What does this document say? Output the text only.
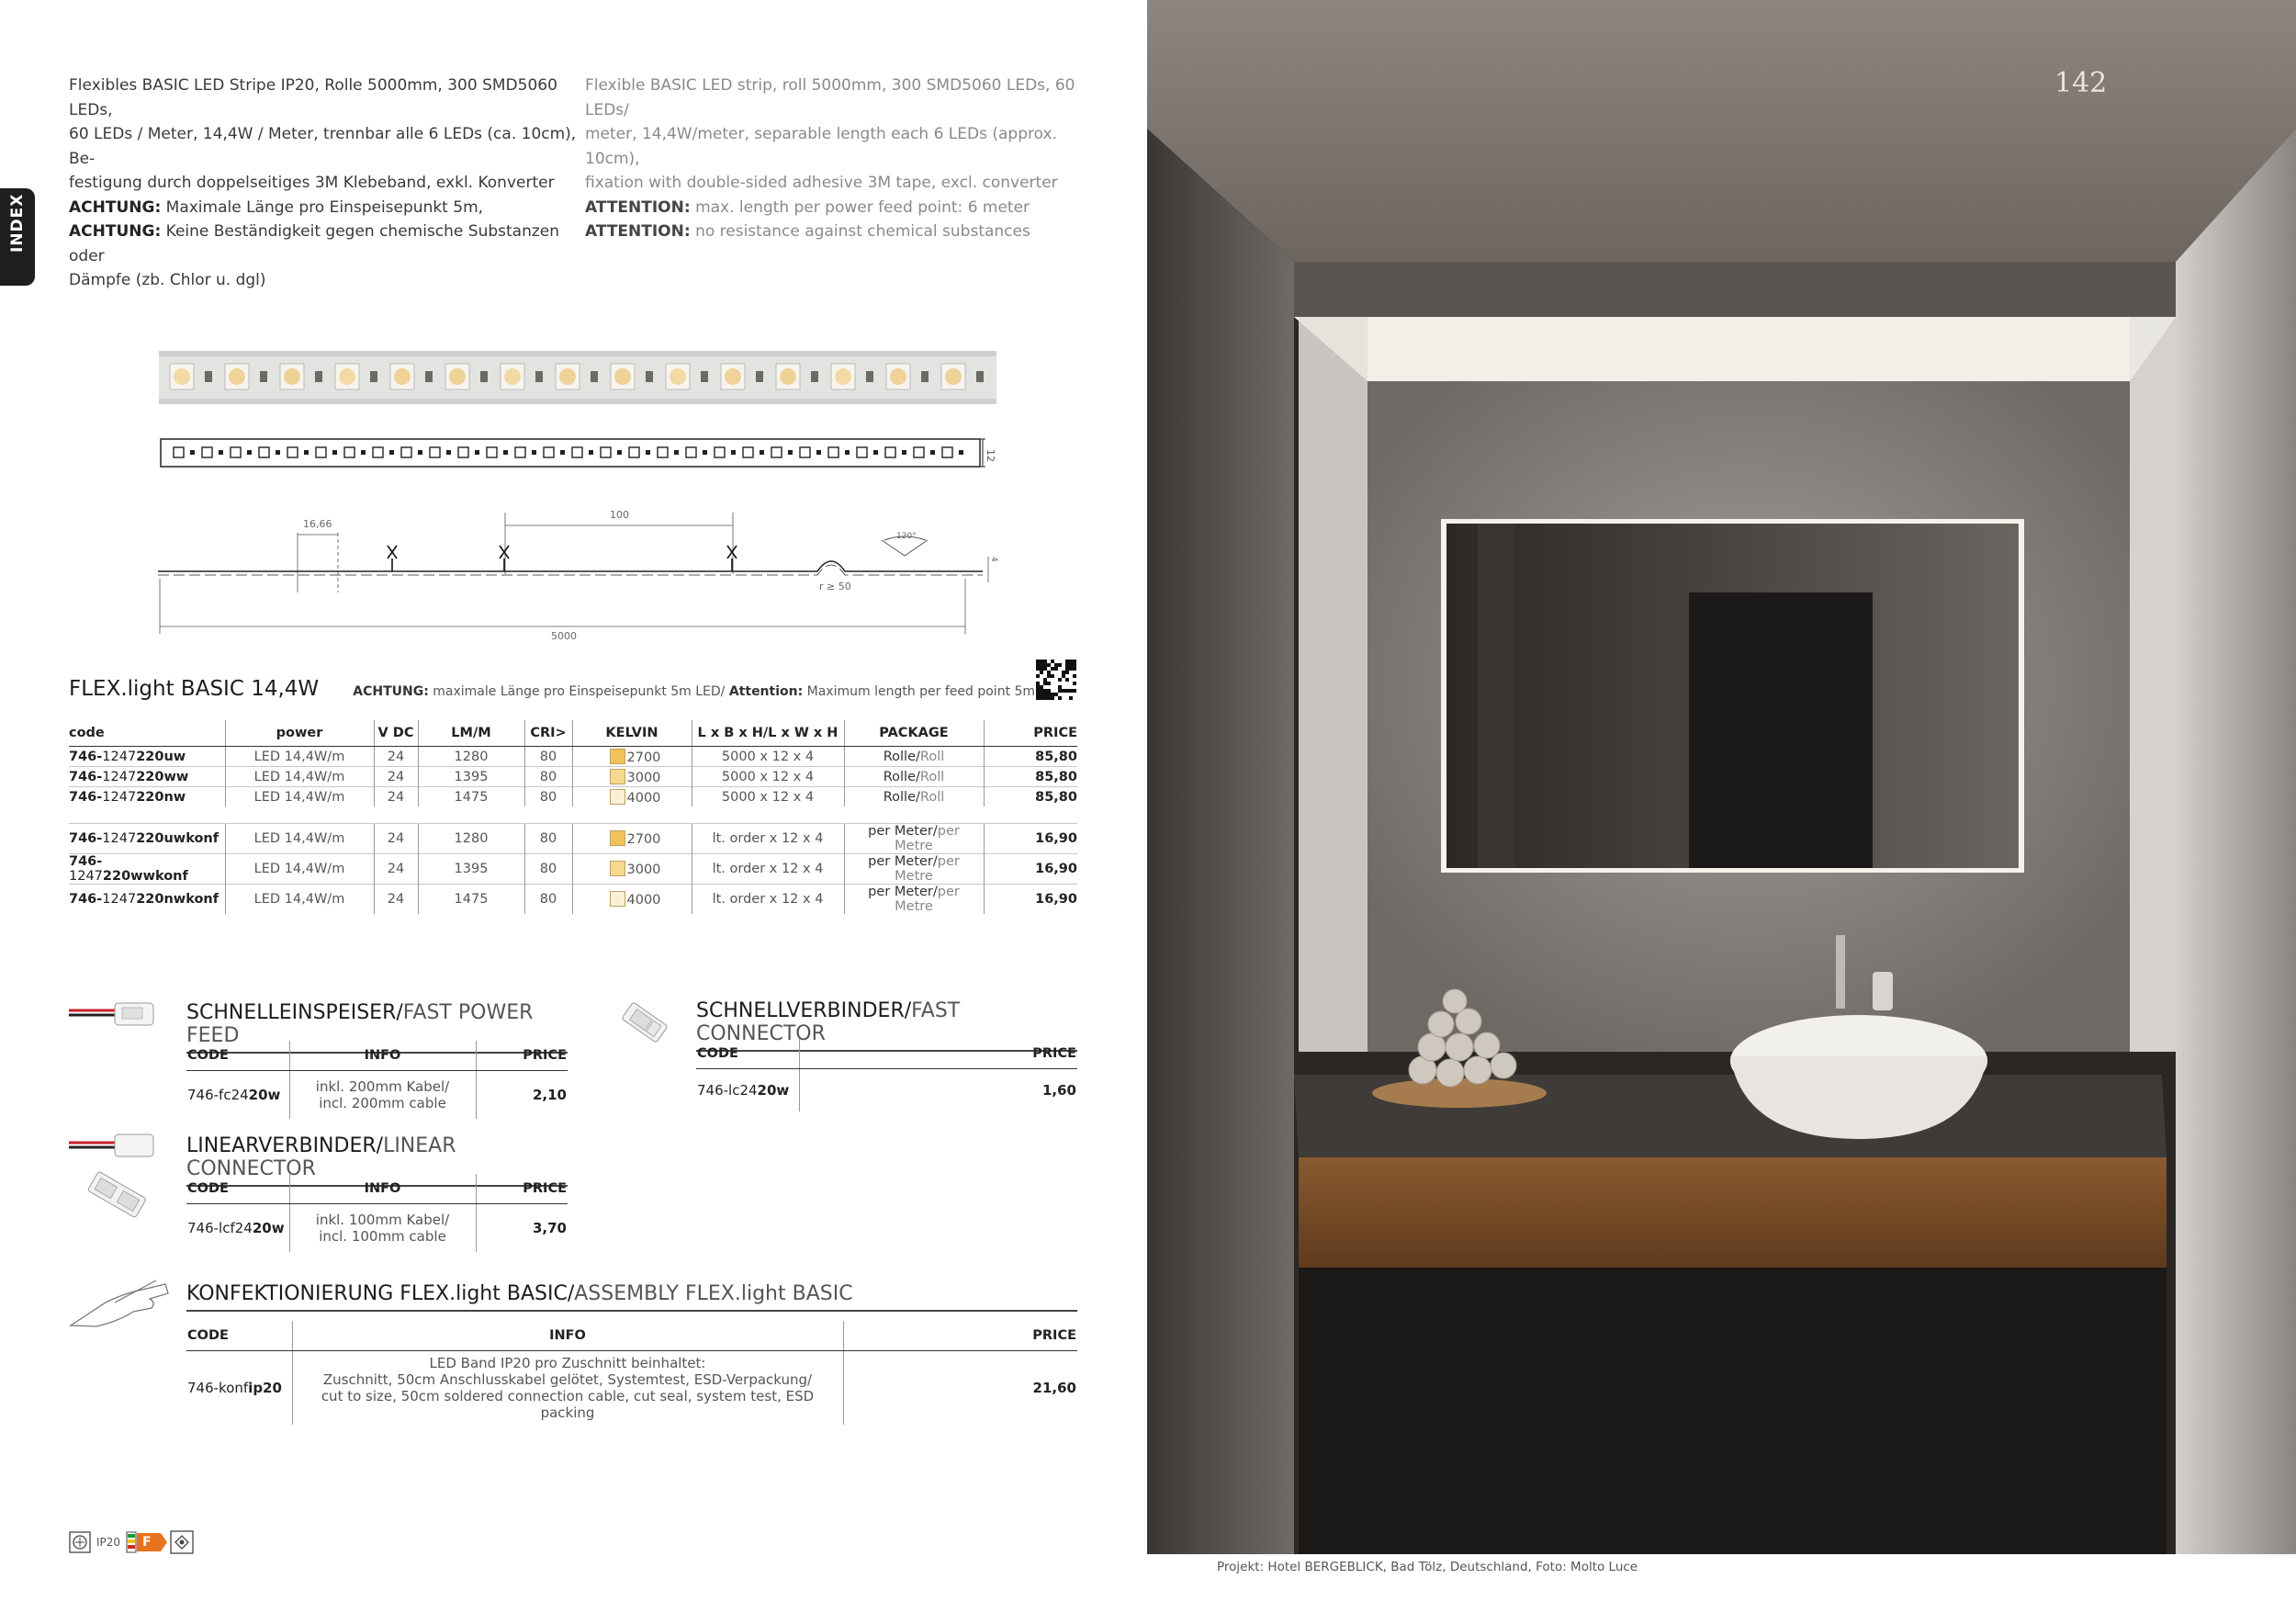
INDEX
Flexibles BASIC LED Stripe IP20, Rolle 5000mm, 300 SMD5060 LEDs,
60 LEDs / Meter, 14,4W / Meter, trennbar alle 6 LEDs (ca. 10cm), Be-
festigung durch doppelseitiges 3M Klebeband, exkl. Konverter
ACHTUNG: Maximale Länge pro Einspeisepunkt 5m,
ACHTUNG: Keine Beständigkeit gegen chemische Substanzen oder
Dämpfe (zb. Chlor u. dgl)
Flexible BASIC LED strip, roll 5000mm, 300 SMD5060 LEDs, 60 LEDs/
meter, 14,4W/meter, separable length each 6 LEDs (approx. 10cm),
fixation with double-sided adhesive 3M tape, excl. converter
ATTENTION: max. length per power feed point: 6 meter
ATTENTION: no resistance against chemical substances
12
16,66
100
120°
r ≥ 50
4
5000
FLEX.light BASIC 14,4W	ACHTUNG: maximale Länge pro Einspeisepunkt 5m LED/ Attention: Maximum length per feed point 5m
code	power	V DC	LM/M	CRI>	KELVIN	L x B x H/L x W x H	PACKAGE	PRICE
746-1247220uw	LED 14,4W/m	24	1280	80	2700	5000 x 12 x 4	Rolle/Roll	85,80
746-1247220ww	LED 14,4W/m	24	1395	80	3000	5000 x 12 x 4	Rolle/Roll	85,80
746-1247220nw	LED 14,4W/m	24	1475	80	4000	5000 x 12 x 4	Rolle/Roll	85,80

746-1247220uwkonf	LED 14,4W/m	24	1280	80	2700	lt. order x 12 x 4	per Meter/per Metre	16,90
746-1247220wwkonf	LED 14,4W/m	24	1395	80	3000	lt. order x 12 x 4	per Meter/per Metre	16,90
746-1247220nwkonf	LED 14,4W/m	24	1475	80	4000	lt. order x 12 x 4	per Meter/per Metre	16,90
SCHNELLEINSPEISER/FAST POWER FEED
CODE	INFO	PRICE
746-fc2420w	inkl. 200mm Kabel/
incl. 200mm cable	2,10
SCHNELLVERBINDER/FAST CONNECTOR
CODE	PRICE
746-lc2420w	1,60
LINEARVERBINDER/LINEAR CONNECTOR
CODE	INFO	PRICE
746-lcf2420w	inkl. 100mm Kabel/
incl. 100mm cable	3,70
KONFEKTIONIERUNG FLEX.light BASIC/ASSEMBLY FLEX.light BASIC
CODE	INFO	PRICE
746-konfip20	LED Band IP20 pro Zuschnitt beinhaltet:
Zuschnitt, 50cm Anschlusskabel gelötet, Systemtest, ESD-Verpackung/
cut to size, 50cm soldered connection cable, cut seal, system test, ESD packing	21,60
IP20 F
142
Projekt: Hotel BERGEBLICK, Bad Tölz, Deutschland, Foto: Molto Luce
